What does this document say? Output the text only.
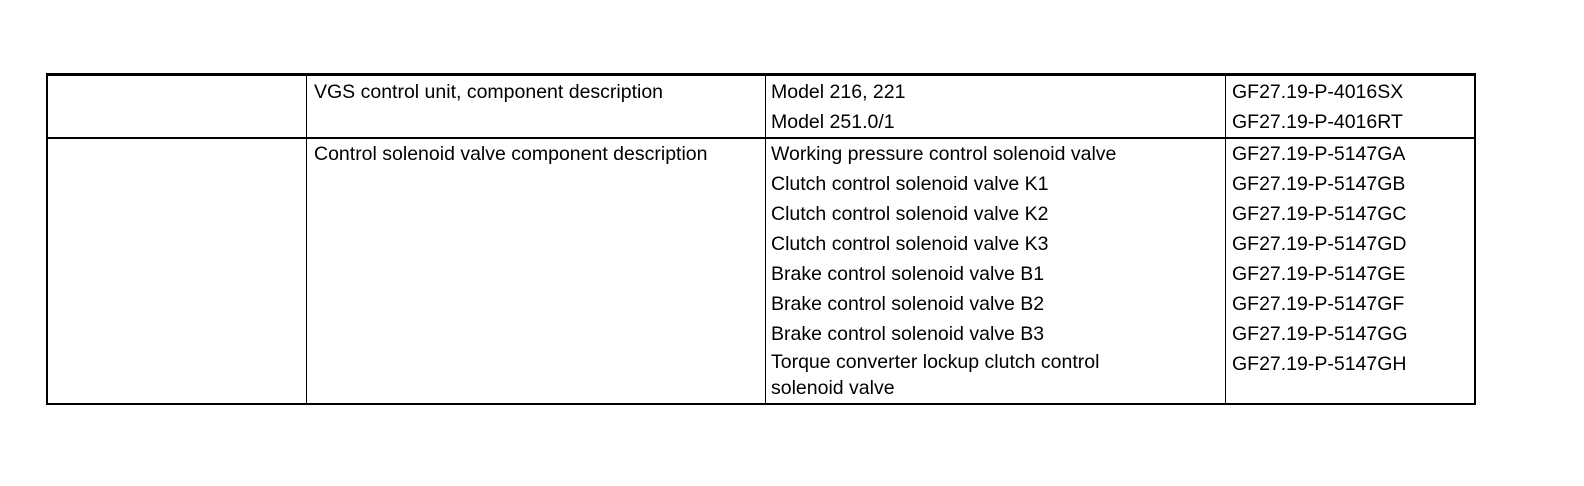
	VGS control unit, component description	Model 216, 221	GF27.19-P-4016SX
		Model 251.0/1	GF27.19-P-4016RT
	Control solenoid valve component description	Working pressure control solenoid valve	GF27.19-P-5147GA
		Clutch control solenoid valve K1	GF27.19-P-5147GB
		Clutch control solenoid valve K2	GF27.19-P-5147GC
		Clutch control solenoid valve K3	GF27.19-P-5147GD
		Brake control solenoid valve B1	GF27.19-P-5147GE
		Brake control solenoid valve B2	GF27.19-P-5147GF
		Brake control solenoid valve B3	GF27.19-P-5147GG

		Torque converter lockup clutch control solenoid valve	GF27.19-P-5147GH
